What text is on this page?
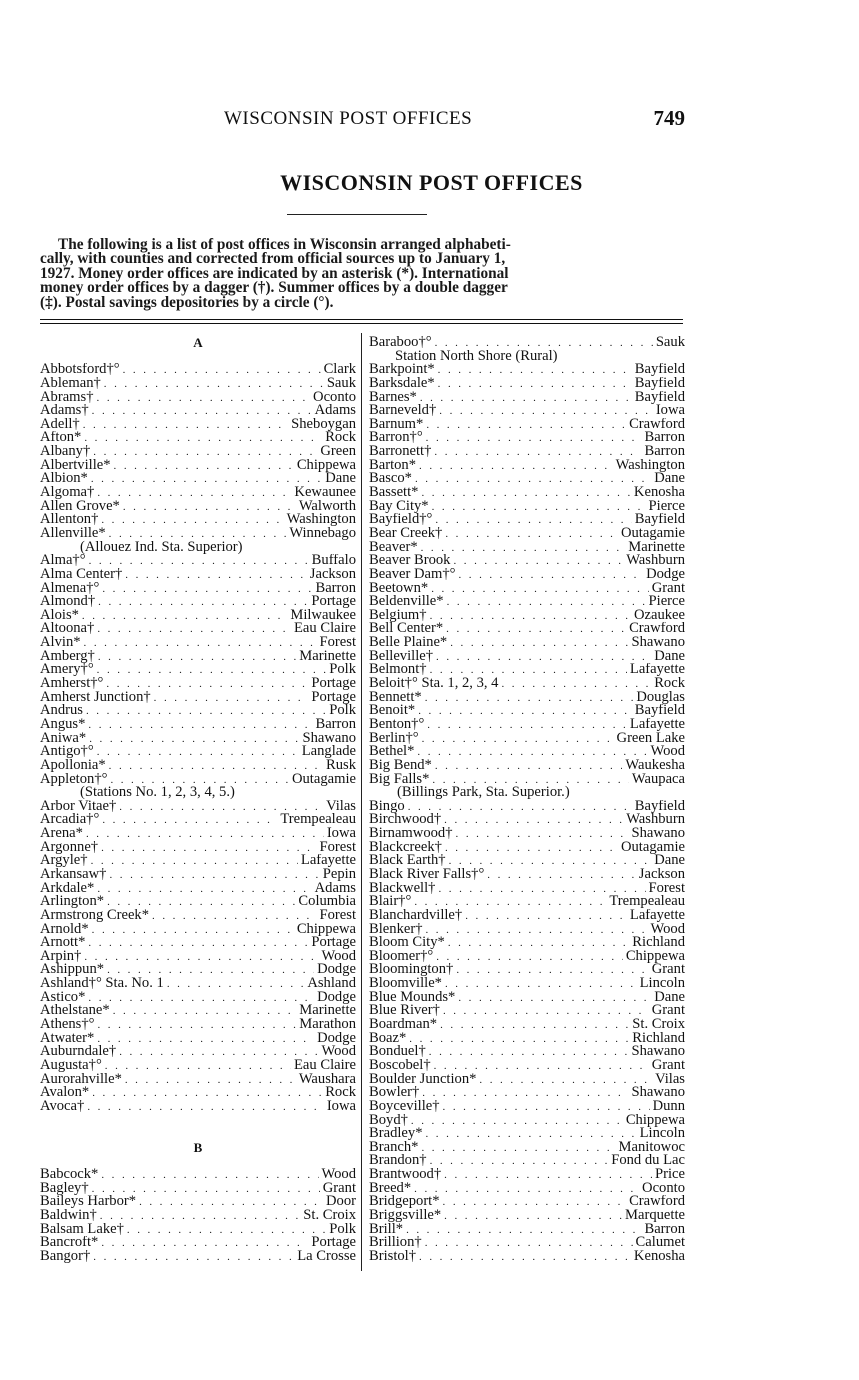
WISCONSIN POST OFFICES	749
WISCONSIN POST OFFICES
The following is a list of post offices in Wisconsin arranged alphabeti-
cally, with counties and corrected from official sources up to January 1,
1927. Money order offices are indicated by an asterisk (*). International
money order offices by a dagger (†). Summer offices by a double dagger
(‡). Postal savings depositories by a circle (°).
A
Abbotsford†° . . .	Clark
Ableman† . . .	Sauk
Abrams† . . .	Oconto
Adams† . . .	Adams
Adell† . . .	Sheboygan
Afton* . . .	Rock
Albany† . . .	Green
Albertville* . . .	Chippewa
Albion* . . .	Dane
Algoma† . . .	Kewaunee
Allen Grove* . . .	Walworth
Allenton† . . .	Washington
Allenville* . . .	Winnebago
(Allouez Ind. Sta. Superior)
Alma†° . . .	Buffalo
Alma Center† . . .	Jackson
Almena†° . . .	Barron
Almond† . . .	Portage
Alois* . . .	Milwaukee
Altoona† . . .	Eau Claire
Alvin* . . .	Forest
Amberg† . . .	Marinette
Amery†° . . .	Polk
Amherst†° . . .	Portage
Amherst Junction† . . .	Portage
Andrus . . .	Polk
Angus* . . .	Barron
Aniwa* . . .	Shawano
Antigo†° . . .	Langlade
Apollonia* . . .	Rusk
Appleton†° . . .	Outagamie
(Stations No. 1, 2, 3, 4, 5.)
Arbor Vitae† . . .	Vilas
Arcadia†° . . .	Trempealeau
Arena* . . .	Iowa
Argonne† . . .	Forest
Argyle† . . .	Lafayette
Arkansaw† . . .	Pepin
Arkdale* . . .	Adams
Arlington* . . .	Columbia
Armstrong Creek* . . .	Forest
Arnold* . . .	Chippewa
Arnott* . . .	Portage
Arpin† . . .	Wood
Ashippun* . . .	Dodge
Ashland†° Sta. No. 1 . . .	Ashland
Astico* . . .	Dodge
Athelstane* . . .	Marinette
Athens†° . . .	Marathon
Atwater* . . .	Dodge
Auburndale† . . .	Wood
Augusta†° . . .	Eau Claire
Aurorahville* . . .	Waushara
Avalon* . . .	Rock
Avoca† . . .	Iowa
B
Babcock* . . .	Wood
Bagley† . . .	Grant
Baileys Harbor* . . .	Door
Baldwin† . . .	St. Croix
Balsam Lake† . . .	Polk
Bancroft* . . .	Portage
Bangor† . . .	La Crosse
Baraboo†° . . .	Sauk
Station North Shore (Rural)
Barkpoint* . . .	Bayfield
Barksdale* . . .	Bayfield
Barnes* . . .	Bayfield
Barneveld† . . .	Iowa
Barnum* . . .	Crawford
Barron†° . . .	Barron
Barronett† . . .	Barron
Barton* . . .	Washington
Basco* . . .	Dane
Bassett* . . .	Kenosha
Bay City* . . .	Pierce
Bayfield†° . . .	Bayfield
Bear Creek† . . .	Outagamie
Beaver* . . .	Marinette
Beaver Brook . . .	Washburn
Beaver Dam†° . . .	Dodge
Beetown* . . .	Grant
Beldenville* . . .	Pierce
Belgium† . . .	Ozaukee
Bell Center* . . .	Crawford
Belle Plaine* . . .	Shawano
Belleville† . . .	Dane
Belmont† . . .	Lafayette
Beloit†° Sta. 1, 2, 3, 4 . . .	Rock
Bennett* . . .	Douglas
Benoit* . . .	Bayfield
Benton†° . . .	Lafayette
Berlin†° . . .	Green Lake
Bethel* . . .	Wood
Big Bend* . . .	Waukesha
Big Falls* . . .	Waupaca
(Billings Park, Sta. Superior.)
Bingo . . .	Bayfield
Birchwood† . . .	Washburn
Birnamwood† . . .	Shawano
Blackcreek† . . .	Outagamie
Black Earth† . . .	Dane
Black River Falls†° . . .	Jackson
Blackwell† . . .	Forest
Blair†° . . .	Trempealeau
Blanchardville† . . .	Lafayette
Blenker† . . .	Wood
Bloom City* . . .	Richland
Bloomer†° . . .	Chippewa
Bloomington† . . .	Grant
Bloomville* . . .	Lincoln
Blue Mounds* . . .	Dane
Blue River† . . .	Grant
Boardman* . . .	St. Croix
Boaz* . . .	Richland
Bonduel† . . .	Shawano
Boscobel† . . .	Grant
Boulder Junction* . . .	Vilas
Bowler† . . .	Shawano
Boyceville† . . .	Dunn
Boyd† . . .	Chippewa
Bradley* . . .	Lincoln
Branch* . . .	Manitowoc
Brandon† . . .	Fond du Lac
Brantwood† . . .	Price
Breed* . . .	Oconto
Bridgeport* . . .	Crawford
Briggsville* . . .	Marquette
Brill* . . .	Barron
Brillion† . . .	Calumet
Bristol† . . .	Kenosha
